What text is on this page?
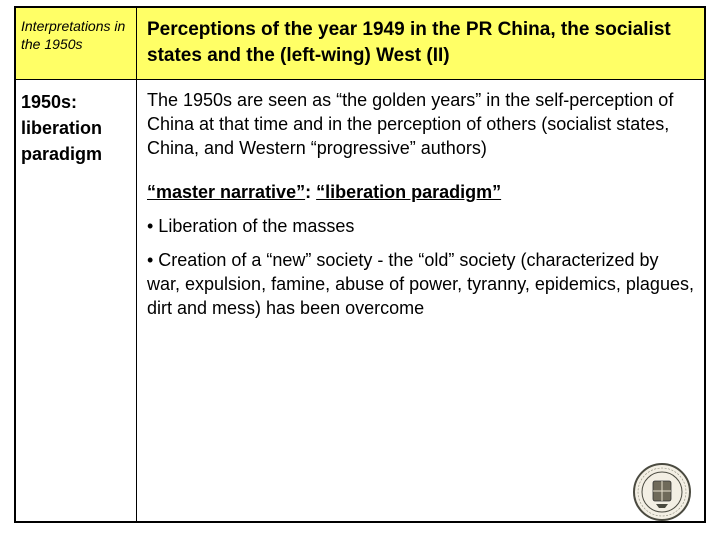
Interpretations in the 1950s
Perceptions of the year 1949 in the PR China, the socialist states and the (left-wing) West (II)
1950s: liberation paradigm

The 1950s are seen as “the golden years” in the self-perception of China at that time and in the perception of others (socialist states, China, and Western “progressive” authors)

“master narrative”: “liberation paradigm”
• Liberation of the masses
• Creation of a “new” society - the “old” society (characterized by war, expulsion, famine, abuse of power, tyranny, epidemics, plagues, dirt and mess) has been overcome
